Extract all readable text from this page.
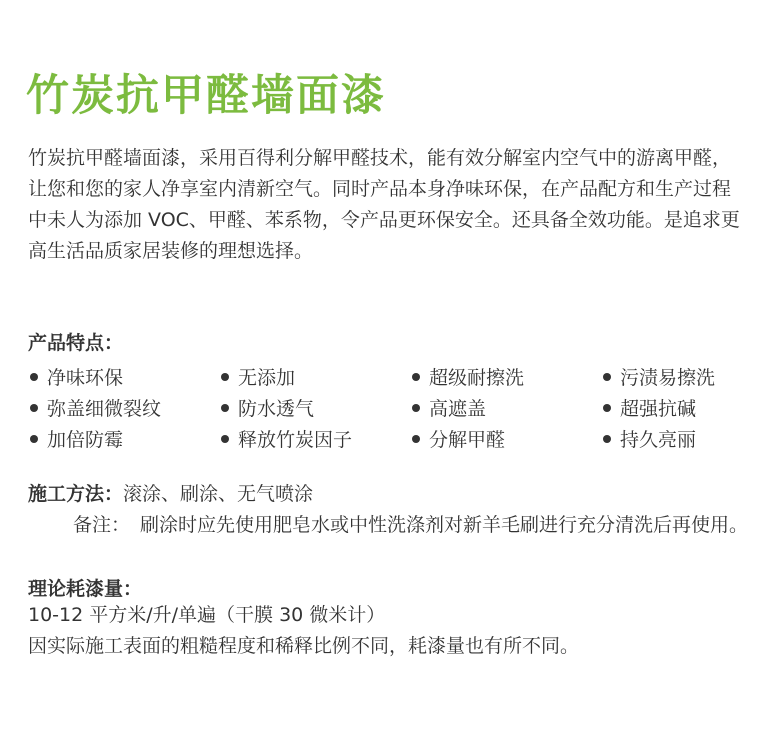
竹炭抗甲醛墙面漆
竹炭抗甲醛墙面漆，采用百得利分解甲醛技术，能有效分解室内空气中的游离甲醛，让您和您的家人净享室内清新空气。同时产品本身净味环保，在产品配方和生产过程中未人为添加 VOC、甲醛、苯系物，令产品更环保安全。还具备全效功能。是追求更高生活品质家居装修的理想选择。
产品特点：
净味环保	无添加	超级耐擦洗	污渍易擦洗
弥盖细微裂纹	防水透气	高遮盖	超强抗碱
加倍防霉	释放竹炭因子	分解甲醛	持久亮丽
施工方法：滚涂、刷涂、无气喷涂
备注： 刷涂时应先使用肥皂水或中性洗涤剂对新羊毛刷进行充分清洗后再使用。
理论耗漆量：
10-12 平方米/升/单遍（干膜 30 微米计）
因实际施工表面的粗糙程度和稀释比例不同，耗漆量也有所不同。
